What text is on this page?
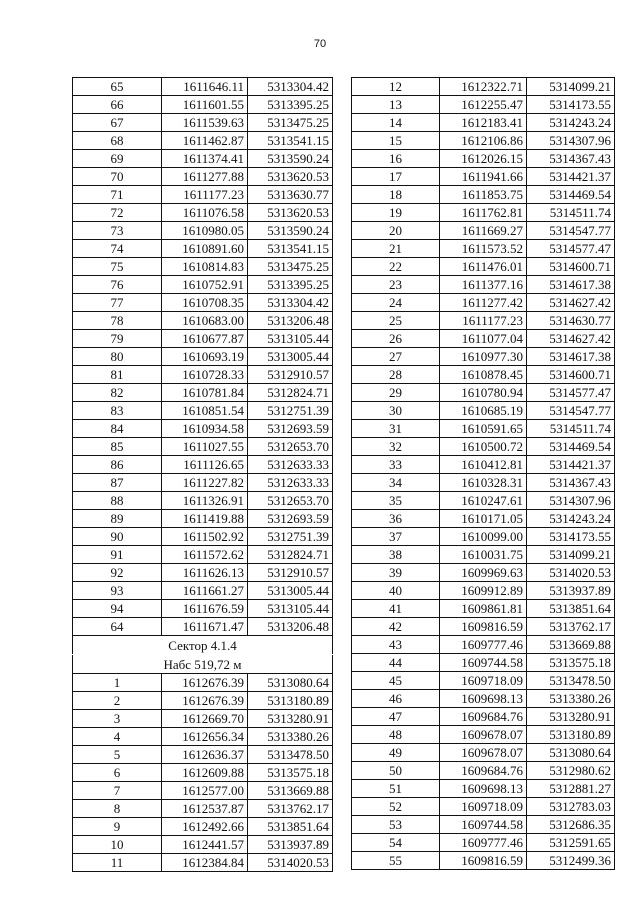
70
65	1611646.11	5313304.42
66	1611601.55	5313395.25
67	1611539.63	5313475.25
68	1611462.87	5313541.15
69	1611374.41	5313590.24
70	1611277.88	5313620.53
71	1611177.23	5313630.77
72	1611076.58	5313620.53
73	1610980.05	5313590.24
74	1610891.60	5313541.15
75	1610814.83	5313475.25
76	1610752.91	5313395.25
77	1610708.35	5313304.42
78	1610683.00	5313206.48
79	1610677.87	5313105.44
80	1610693.19	5313005.44
81	1610728.33	5312910.57
82	1610781.84	5312824.71
83	1610851.54	5312751.39
84	1610934.58	5312693.59
85	1611027.55	5312653.70
86	1611126.65	5312633.33
87	1611227.82	5312633.33
88	1611326.91	5312653.70
89	1611419.88	5312693.59
90	1611502.92	5312751.39
91	1611572.62	5312824.71
92	1611626.13	5312910.57
93	1611661.27	5313005.44
94	1611676.59	5313105.44
64	1611671.47	5313206.48
Сектор 4.1.4		
Набс 519,72 м		
1	1612676.39	5313080.64
2	1612676.39	5313180.89
3	1612669.70	5313280.91
4	1612656.34	5313380.26
5	1612636.37	5313478.50
6	1612609.88	5313575.18
7	1612577.00	5313669.88
8	1612537.87	5313762.17
9	1612492.66	5313851.64
10	1612441.57	5313937.89
11	1612384.84	5314020.53
12	1612322.71	5314099.21
13	1612255.47	5314173.55
14	1612183.41	5314243.24
15	1612106.86	5314307.96
16	1612026.15	5314367.43
17	1611941.66	5314421.37
18	1611853.75	5314469.54
19	1611762.81	5314511.74
20	1611669.27	5314547.77
21	1611573.52	5314577.47
22	1611476.01	5314600.71
23	1611377.16	5314617.38
24	1611277.42	5314627.42
25	1611177.23	5314630.77
26	1611077.04	5314627.42
27	1610977.30	5314617.38
28	1610878.45	5314600.71
29	1610780.94	5314577.47
30	1610685.19	5314547.77
31	1610591.65	5314511.74
32	1610500.72	5314469.54
33	1610412.81	5314421.37
34	1610328.31	5314367.43
35	1610247.61	5314307.96
36	1610171.05	5314243.24
37	1610099.00	5314173.55
38	1610031.75	5314099.21
39	1609969.63	5314020.53
40	1609912.89	5313937.89
41	1609861.81	5313851.64
42	1609816.59	5313762.17
43	1609777.46	5313669.88
44	1609744.58	5313575.18
45	1609718.09	5313478.50
46	1609698.13	5313380.26
47	1609684.76	5313280.91
48	1609678.07	5313180.89
49	1609678.07	5313080.64
50	1609684.76	5312980.62
51	1609698.13	5312881.27
52	1609718.09	5312783.03
53	1609744.58	5312686.35
54	1609777.46	5312591.65
55	1609816.59	5312499.36
